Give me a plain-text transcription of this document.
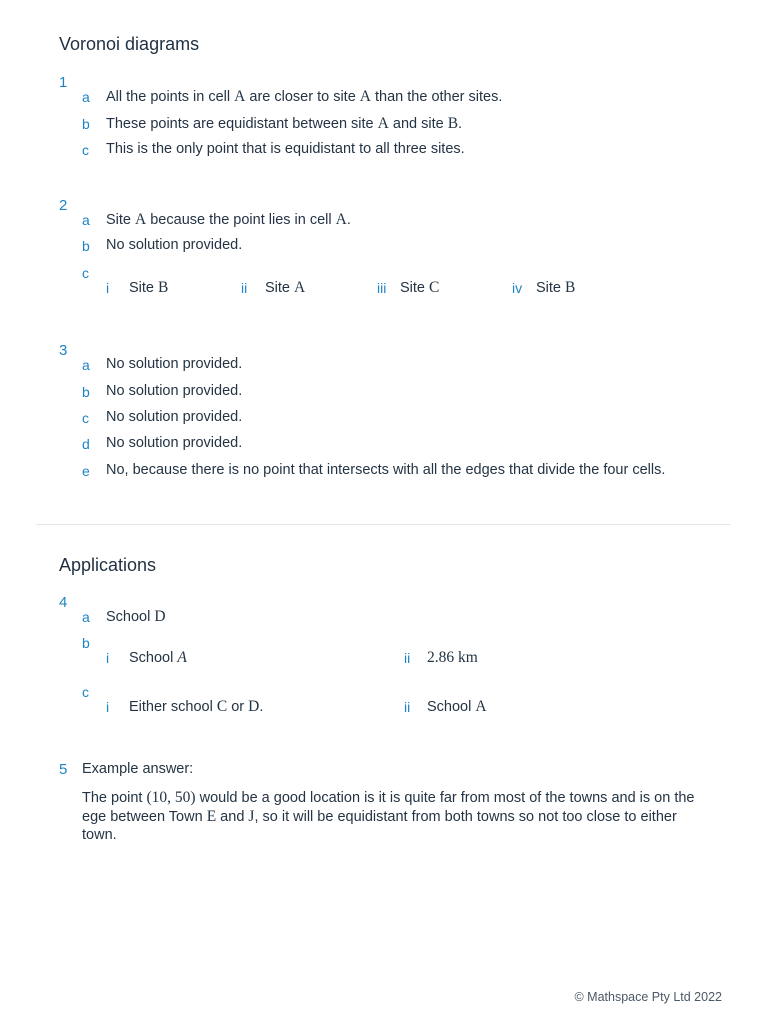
Voronoi diagrams
1
a All the points in cell A are closer to site A than the other sites.
b These points are equidistant between site A and site B.
c This is the only point that is equidistant to all three sites.
2
a Site A because the point lies in cell A.
b No solution provided.
c
i Site B	ii Site A	iii Site C	iv Site B
3
a No solution provided.
b No solution provided.
c No solution provided.
d No solution provided.
e No, because there is no point that intersects with all the edges that divide the four cells.
Applications
4
a School D
b
i School A	ii 2.86 km
c
i Either school C or D.	ii School A
5 Example answer:
The point (10, 50) would be a good location is it is quite far from most of the towns and is on the ege between Town E and J, so it will be equidistant from both towns so not too close to either town.
© Mathspace Pty Ltd 2022
